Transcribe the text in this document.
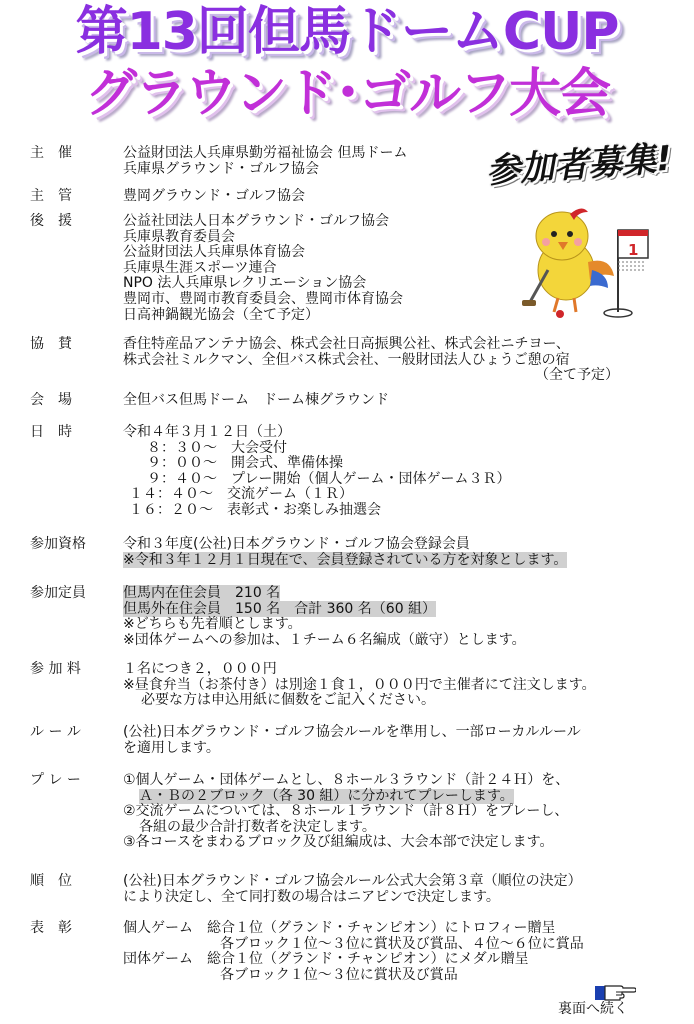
第13回但馬ドームCUP
グラウンド･ゴルフ大会
参加者募集!
1
主　催	公益財団法人兵庫県勤労福祉協会 但馬ドーム
兵庫県グラウンド・ゴルフ協会
主　管	豊岡グラウンド・ゴルフ協会
後　援	公益社団法人日本グラウンド・ゴルフ協会
兵庫県教育委員会
公益財団法人兵庫県体育協会
兵庫県生涯スポーツ連合
NPO 法人兵庫県レクリエーション協会
豊岡市、豊岡市教育委員会、豊岡市体育協会
日高神鍋観光協会（全て予定）
協　賛	香住特産品アンテナ協会、株式会社日高振興公社、株式会社ニチヨー、
株式会社ミルクマン、全但バス株式会社、一般財団法人ひょうご憩の宿
（全て予定）
会　場	全但バス但馬ドーム　ドーム棟グラウンド
日　時	令和４年３月１２日（土）
８：３０～　大会受付
９：００～　開会式、準備体操
９：４０～　プレー開始（個人ゲーム・団体ゲーム３Ｒ）
１４：４０～　交流ゲーム（１Ｒ）
１６：２０～　表彰式・お楽しみ抽選会
参加資格	令和３年度(公社)日本グラウンド・ゴルフ協会登録会員
※令和３年１２月１日現在で、会員登録されている方を対象とします。
参加定員	但馬内在住会員　210 名
但馬外在住会員　150 名　合計 360 名（60 組）
※どちらも先着順とします。
※団体ゲームへの参加は、１チーム６名編成（厳守）とします。
参 加 料	１名につき２，０００円
※昼食弁当（お茶付き）は別途１食１，０００円で主催者にて注文します。
必要な方は申込用紙に個数をご記入ください。
ル ー ル	(公社)日本グラウンド・ゴルフ協会ルールを準用し、一部ローカルルール
を適用します。
プ レ ー	①個人ゲーム・団体ゲームとし、８ホール３ラウンド（計２４Ｈ）を、
Ａ・Ｂの２ブロック（各 30 組）に分かれてプレーします。
②交流ゲームについては、８ホール１ラウンド（計８Ｈ）をプレーし、
各組の最少合計打数者を決定します。
③各コースをまわるブロック及び組編成は、大会本部で決定します。
順　位	(公社)日本グラウンド・ゴルフ協会ルール公式大会第３章（順位の決定）
により決定し、全て同打数の場合はニアピンで決定します。
表　彰	個人ゲーム　総合１位（グランド・チャンピオン）にトロフィー贈呈
各ブロック１位～３位に賞状及び賞品、４位～６位に賞品
団体ゲーム　総合１位（グランド・チャンピオン）にメダル贈呈
各ブロック１位～３位に賞状及び賞品
裏面へ続く
